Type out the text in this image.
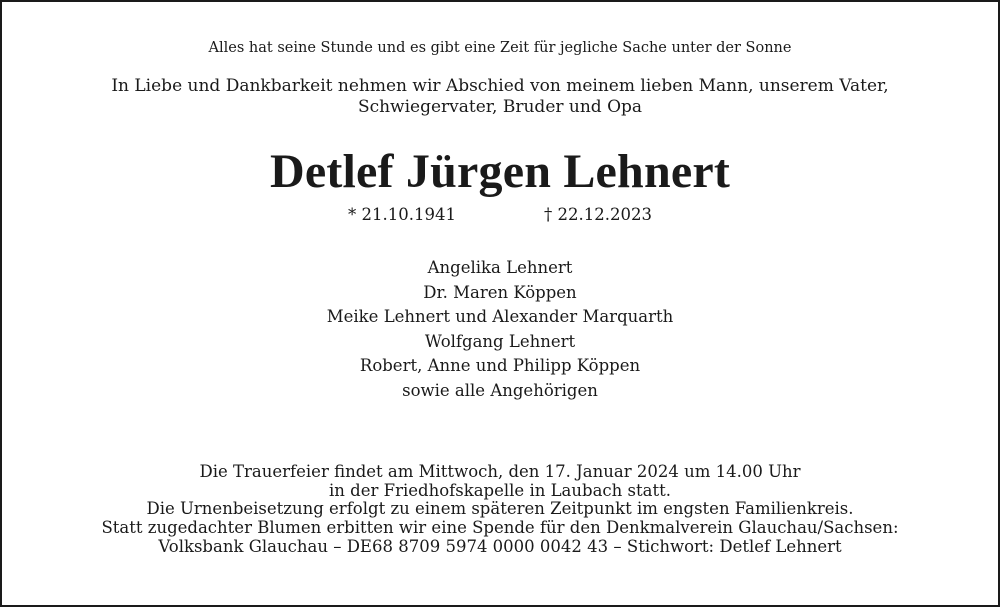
Alles hat seine Stunde und es gibt eine Zeit für jegliche Sache unter der Sonne
In Liebe und Dankbarkeit nehmen wir Abschied von meinem lieben Mann, unserem Vater,
Schwiegervater, Bruder und Opa
Detlef Jürgen Lehnert
* 21.10.1941	† 22.12.2023
Angelika Lehnert
Dr. Maren Köppen
Meike Lehnert und Alexander Marquarth
Wolfgang Lehnert
Robert, Anne und Philipp Köppen
sowie alle Angehörigen
Die Trauerfeier findet am Mittwoch, den 17. Januar 2024 um 14.00 Uhr
in der Friedhofskapelle in Laubach statt.
Die Urnenbeisetzung erfolgt zu einem späteren Zeitpunkt im engsten Familienkreis.
Statt zugedachter Blumen erbitten wir eine Spende für den Denkmalverein Glauchau/Sachsen:
Volksbank Glauchau – DE68 8709 5974 0000 0042 43 – Stichwort: Detlef Lehnert
